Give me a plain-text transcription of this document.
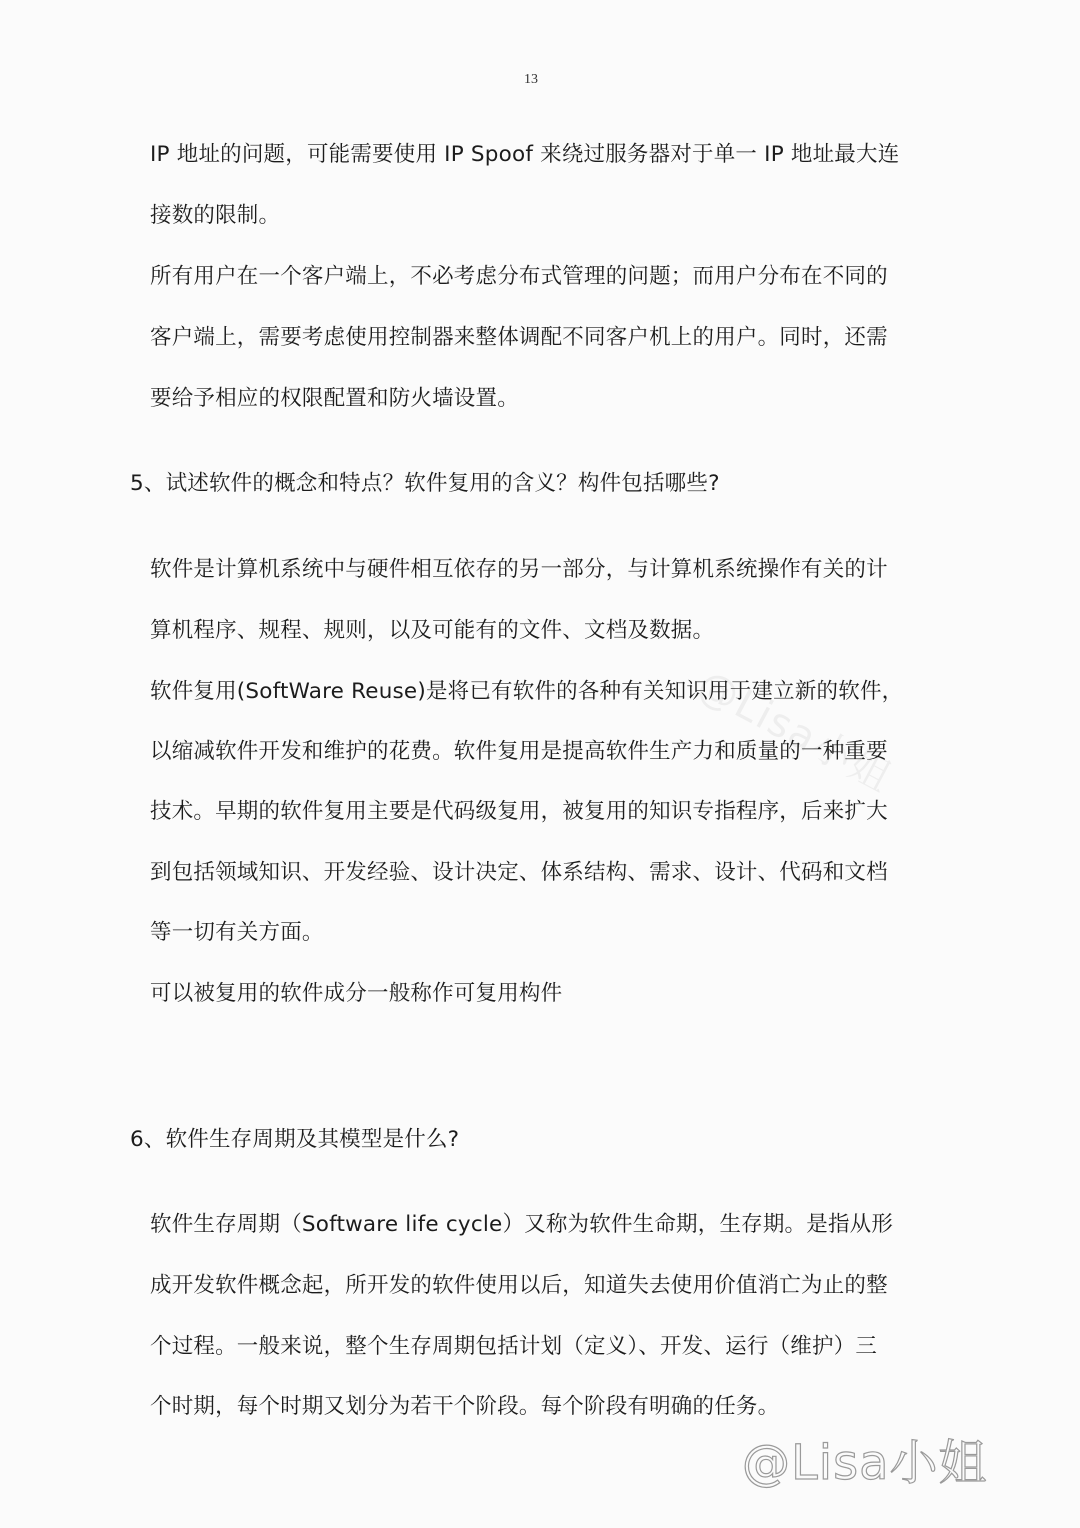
13
IP 地址的问题，可能需要使用 IP Spoof 来绕过服务器对于单一 IP 地址最大连
接数的限制。
所有用户在一个客户端上，不必考虑分布式管理的问题；而用户分布在不同的
客户端上，需要考虑使用控制器来整体调配不同客户机上的用户。同时，还需
要给予相应的权限配置和防火墙设置。
5、试述软件的概念和特点？软件复用的含义？构件包括哪些?
软件是计算机系统中与硬件相互依存的另一部分，与计算机系统操作有关的计
算机程序、规程、规则，以及可能有的文件、文档及数据。
软件复用(SoftWare Reuse)是将已有软件的各种有关知识用于建立新的软件，
以缩减软件开发和维护的花费。软件复用是提高软件生产力和质量的一种重要
技术。早期的软件复用主要是代码级复用，被复用的知识专指程序，后来扩大
到包括领域知识、开发经验、设计决定、体系结构、需求、设计、代码和文档
等一切有关方面。
可以被复用的软件成分一般称作可复用构件
6、软件生存周期及其模型是什么?
软件生存周期（Software life cycle）又称为软件生命期，生存期。是指从形
成开发软件概念起，所开发的软件使用以后，知道失去使用价值消亡为止的整
个过程。一般来说，整个生存周期包括计划（定义）、开发、运行（维护）三
个时期，每个时期又划分为若干个阶段。每个阶段有明确的任务。
@Lisa小姐
@Lisa小姐
